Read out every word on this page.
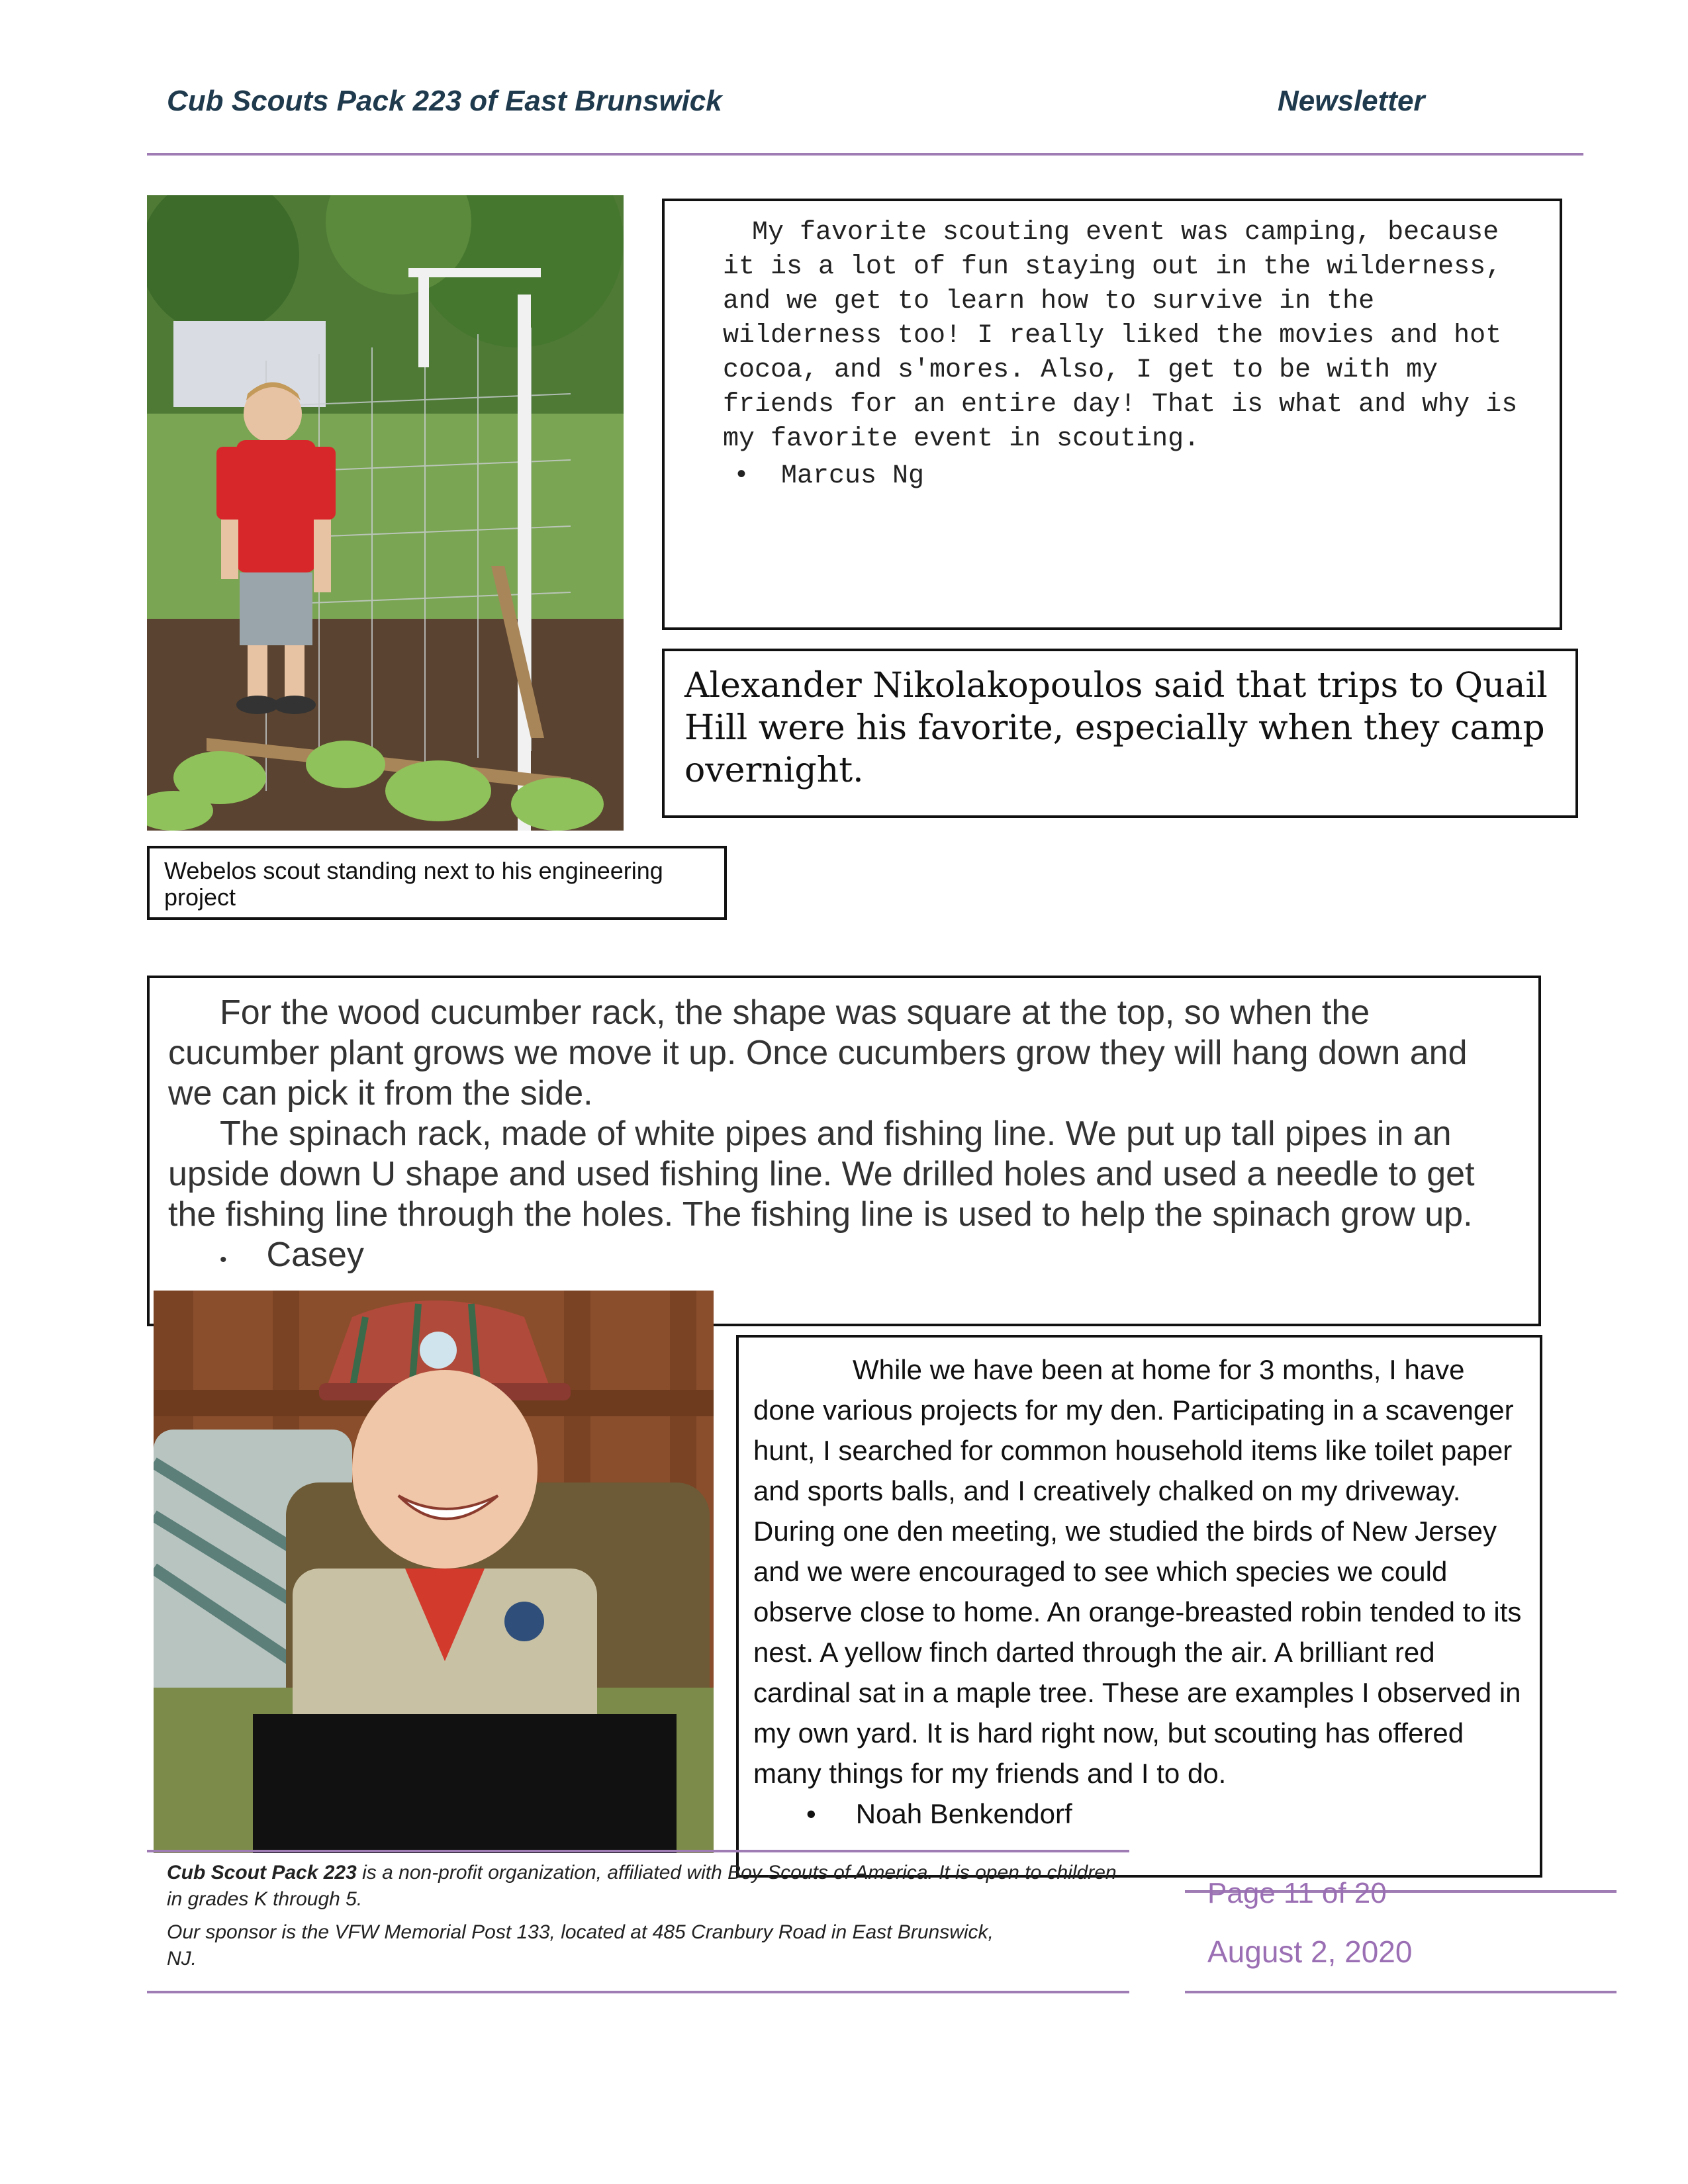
Cub Scouts Pack 223 of East Brunswick	Newsletter
Webelos scout standing next to his engineering project
My favorite scouting event was camping, because it is a lot of fun staying out in the wilderness, and we get to learn how to survive in the wilderness too! I really liked the movies and hot cocoa, and s'mores. Also, I get to be with my friends for an entire day! That is what and why is my favorite event in scouting.
•  Marcus Ng
Alexander Nikolakopoulos said that trips to Quail Hill were his favorite, especially when they camp overnight.
For the wood cucumber rack, the shape was square at the top, so when the cucumber plant grows we move it up. Once cucumbers grow they will hang down and we can pick it from the side.
The spinach rack, made of white pipes and fishing line. We put up tall pipes in an upside down U shape and used fishing line. We drilled holes and used a needle to get the fishing line through the holes. The fishing line is used to help the spinach grow up.
• Casey
While we have been at home for 3 months, I have done various projects for my den. Participating in a scavenger hunt, I searched for common household items like toilet paper and sports balls, and I creatively chalked on my driveway. During one den meeting, we studied the birds of New Jersey and we were encouraged to see which species we could observe close to home. An orange-breasted robin tended to its nest. A yellow finch darted through the air. A brilliant red cardinal sat in a maple tree. These are examples I observed in my own yard. It is hard right now, but scouting has offered many things for my friends and I to do.
• Noah Benkendorf
Cub Scout Pack 223 is a non-profit organization, affiliated with Boy Scouts of America. It is open to children in grades K through 5.
Our sponsor is the VFW Memorial Post 133, located at 485 Cranbury Road in East Brunswick, NJ.
Page 11 of 20
August 2, 2020
